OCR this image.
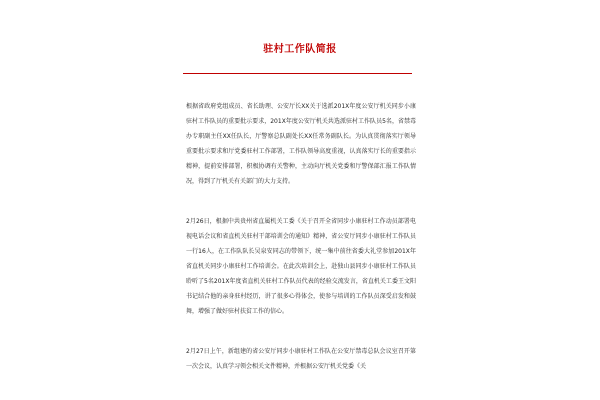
驻村工作队简报

根据省政府党组成员、省长助理、公安厅长XX关于选派201X年度公安厅机关同步小康驻村工作队员的重要批示要求，201X年度公安厅机关共选派驻村工作队员5名，省禁毒办专职副主任XX任队长，厅警察总队副处长XX任常务副队长。为认真贯彻落实厅领导重要批示要求和厅党委驻村工作部署，工作队领导高度重视，认真落实厅长的重要指示精神，提前安排部署，积极协调有关警种，主动向厅机关党委和厅警保部汇报工作队情况，得到了厅机关有关部门的大力支持。

2月26日，根据中共贵州省直属机关工委《关于召开全省同步小康驻村工作动员部署电视电话会议和省直机关驻村干部培训会的通知》精神，省公安厅同步小康驻村工作队员一行16人，在工作队队长吴泉安同志的带领下，统一集中前往省委大礼堂参加201X年省直机关同步小康驻村工作培训会。在此次培训会上，赴独山县同步小康驻村工作队员聆听了5名201X年度省直机关驻村工作队员代表的经验交流发言，省直机关工委王文阳书记结合他的亲身驻村经历，讲了很多心得体会，使参与培训的工作队员深受启发和鼓舞，增强了做好驻村扶贫工作的信心。

2月27日上午，新组建的省公安厅同步小康驻村工作队在公安厅禁毒总队会议室召开第一次会议，认真学习领会相关文件精神，并根据公安厅机关党委《关
